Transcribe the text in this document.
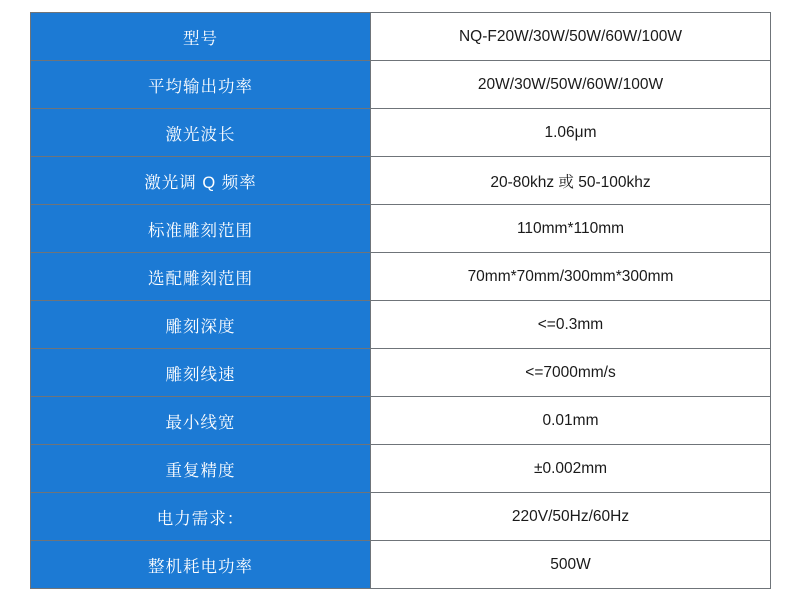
型号	NQ-F20W/30W/50W/60W/100W
平均输出功率	20W/30W/50W/60W/100W
激光波长	1.06μm
激光调 Q 频率	20-80khz 或 50-100khz
标准雕刻范围	110mm*110mm
选配雕刻范围	70mm*70mm/300mm*300mm
雕刻深度	<=0.3mm
雕刻线速	<=7000mm/s
最小线宽	0.01mm
重复精度	±0.002mm
电力需求：	220V/50Hz/60Hz
整机耗电功率	500W
